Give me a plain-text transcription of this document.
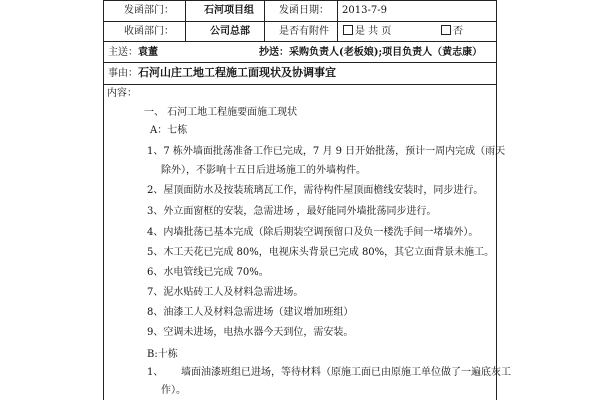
发函部门：	石河项目组	发函日期： 2013-7-9
收函部门：	公司总部	是否有附件	是 共 页	否
主送： 袁董	抄送：采购负责人(老板娘);项目负责人（黄志康）
事由： 石河山庄工地工程施工面现状及协调事宜
内容：
一、 石河工地工程施要面施工现状
A：七栋
1、7 栋外墙面批荡准备工作已完成，7 月 9 日开始批荡，预计一周内完成（雨天
除外），不影响十五日后进场施工的外墙构件。
2、屋顶面防水及按装琉璃瓦工作，需待构件屋顶面檐线安装时，同步进行。
3、外立面窗框的安装，急需进场 ，最好能同外墙批荡同步进行。
4、内墙批荡已基本完成（除后期装空调预留口及负一楼洗手间一堵墙外）。
5、木工天花已完成 80%，电视床头背景已完成 80%，其它立面背景未施工。
6、水电管线已完成 70%。
7、泥水贴砖工人及材料急需进场。
8、油漆工人及材料急需进场（建议增加班组）
9、空调未进场，电热水器今天到位，需安装。
B:十栋
1、 墙面油漆班组已进场，等待材料（原施工面已由原施工单位做了一遍底灰工
作）。
